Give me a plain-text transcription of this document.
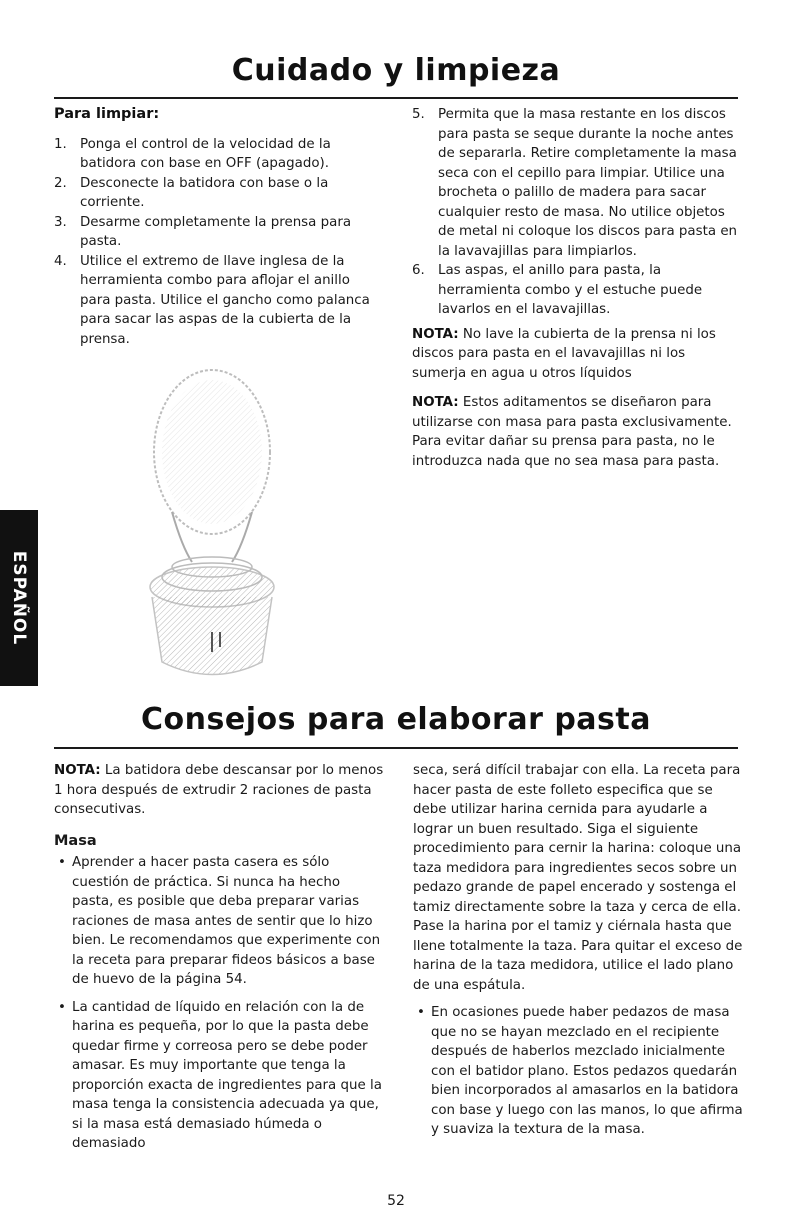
Cuidado y limpieza
Para limpiar:
1. Ponga el control de la velocidad de la batidora con base en OFF (apagado).
2. Desconecte la batidora con base o la corriente.
3. Desarme completamente la prensa para pasta.
4. Utilice el extremo de llave inglesa de la herramienta combo para aflojar el anillo para pasta. Utilice el gancho como palanca para sacar las aspas de la cubierta de la prensa.
5. Permita que la masa restante en los discos para pasta se seque durante la noche antes de separarla. Retire completamente la masa seca con el cepillo para limpiar. Utilice una brocheta o palillo de madera para sacar cualquier resto de masa. No utilice objetos de metal ni coloque los discos para pasta en la lavavajillas para limpiarlos.
6. Las aspas, el anillo para pasta, la herramienta combo y el estuche puede lavarlos en el lavavajillas.

NOTA: No lave la cubierta de la prensa ni los discos para pasta en el lavavajillas ni los sumerja en agua u otros líquidos

NOTA: Estos aditamentos se diseñaron para utilizarse con masa para pasta exclusivamente. Para evitar dañar su prensa para pasta, no le introduzca nada que no sea masa para pasta.

ESPAÑOL
Consejos para elaborar pasta

NOTA: La batidora debe descansar por lo menos 1 hora después de extrudir 2 raciones de pasta consecutivas.

Masa
• Aprender a hacer pasta casera es sólo cuestión de práctica. Si nunca ha hecho pasta, es posible que deba preparar varias raciones de masa antes de sentir que lo hizo bien. Le recomendamos que experimente con la receta para preparar fideos básicos a base de huevo de la página 54.
• La cantidad de líquido en relación con la de harina es pequeña, por lo que la pasta debe quedar firme y correosa pero se debe poder amasar. Es muy importante que tenga la proporción exacta de ingredientes para que la masa tenga la consistencia adecuada ya que, si la masa está demasiado húmeda o demasiado

seca, será difícil trabajar con ella. La receta para hacer pasta de este folleto especifica que se debe utilizar harina cernida para ayudarle a lograr un buen resultado. Siga el siguiente procedimiento para cernir la harina: coloque una taza medidora para ingredientes secos sobre un pedazo grande de papel encerado y sostenga el tamiz directamente sobre la taza y cerca de ella. Pase la harina por el tamiz y ciérnala hasta que llene totalmente la taza. Para quitar el exceso de harina de la taza medidora, utilice el lado plano de una espátula.

• En ocasiones puede haber pedazos de masa que no se hayan mezclado en el recipiente después de haberlos mezclado inicialmente con el batidor plano. Estos pedazos quedarán bien incorporados al amasarlos en la batidora con base y luego con las manos, lo que afirma y suaviza la textura de la masa.
52
